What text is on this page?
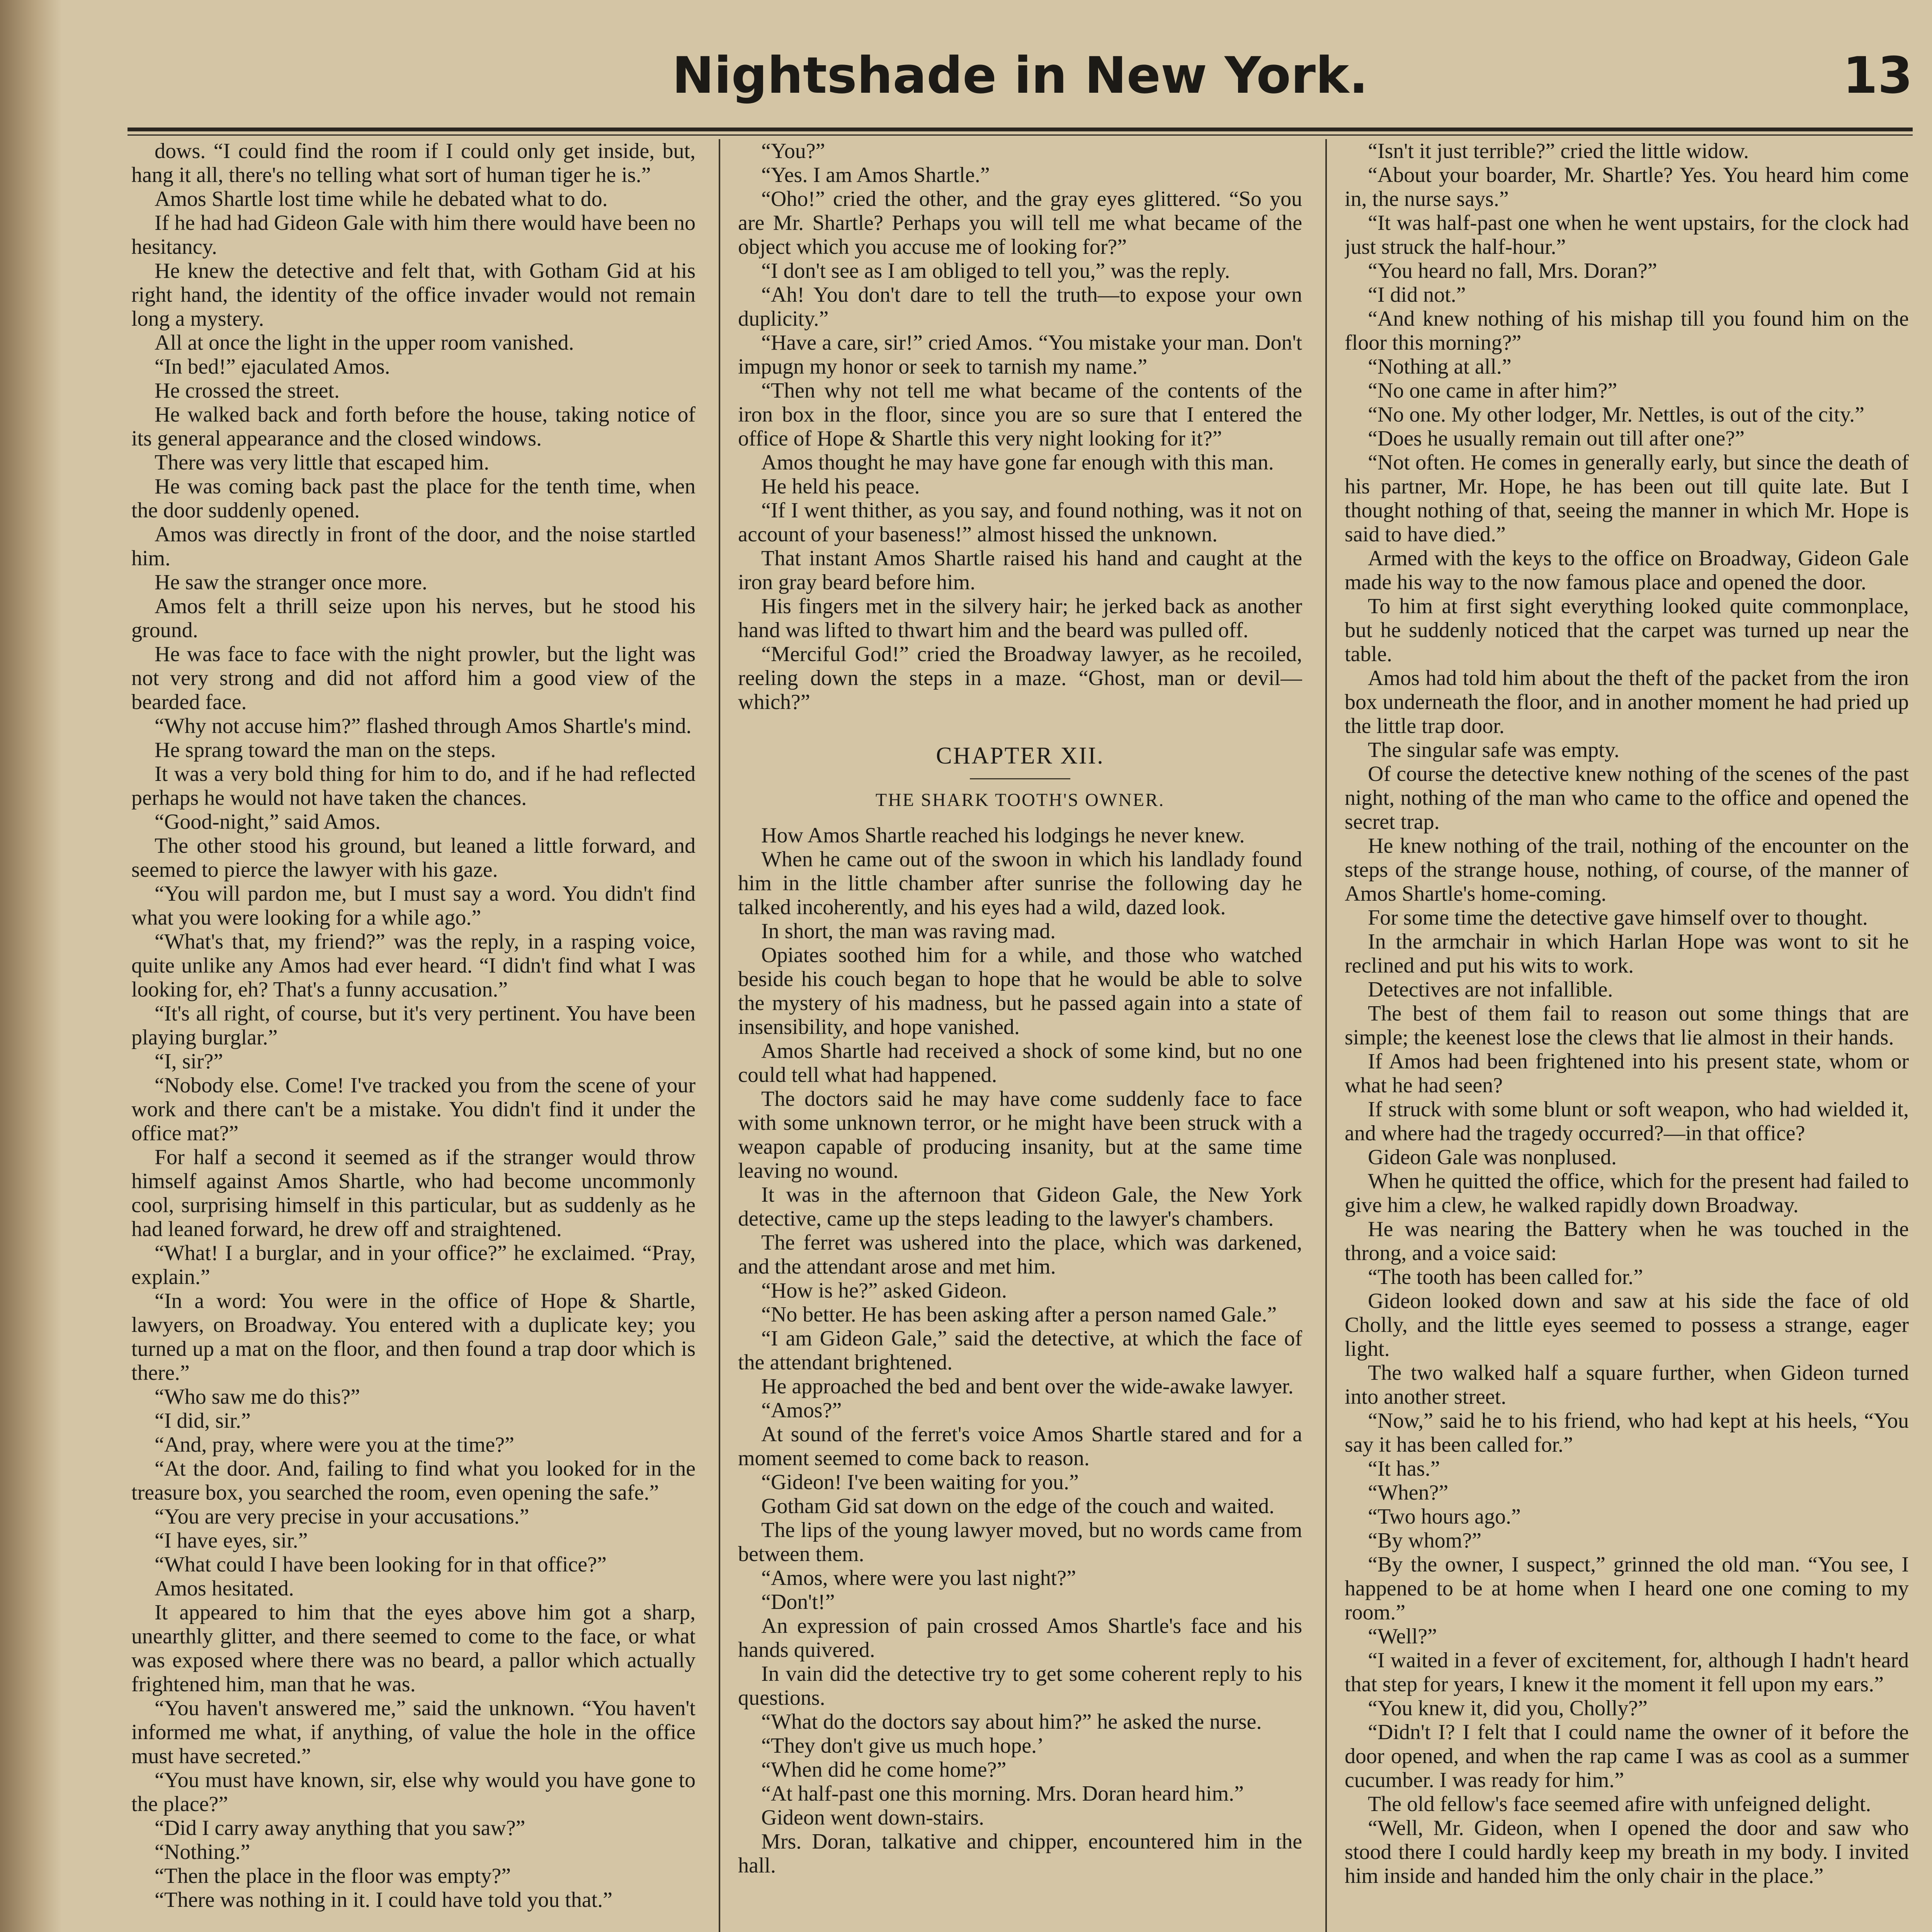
Nightshade in New York.	13

dows. “I could find the room if I could only get inside, but, hang it all, there's no telling what sort of human tiger he is.”

Amos Shartle lost time while he debated what to do.

If he had had Gideon Gale with him there would have been no hesitancy.

He knew the detective and felt that, with Gotham Gid at his right hand, the identity of the office invader would not remain long a mystery.

All at once the light in the upper room vanished.

“In bed!” ejaculated Amos.

He crossed the street.

He walked back and forth before the house, taking notice of its general appearance and the closed windows.

There was very little that escaped him.

He was coming back past the place for the tenth time, when the door suddenly opened.

Amos was directly in front of the door, and the noise startled him.

He saw the stranger once more.

Amos felt a thrill seize upon his nerves, but he stood his ground.

He was face to face with the night prowler, but the light was not very strong and did not afford him a good view of the bearded face.

“Why not accuse him?” flashed through Amos Shartle's mind.

He sprang toward the man on the steps.

It was a very bold thing for him to do, and if he had reflected perhaps he would not have taken the chances.

“Good-night,” said Amos.

The other stood his ground, but leaned a little forward, and seemed to pierce the lawyer with his gaze.

“You will pardon me, but I must say a word. You didn't find what you were looking for a while ago.”

“What's that, my friend?” was the reply, in a rasping voice, quite unlike any Amos had ever heard. “I didn't find what I was looking for, eh? That's a funny accusation.”

“It's all right, of course, but it's very pertinent. You have been playing burglar.”

“I, sir?”

“Nobody else. Come! I've tracked you from the scene of your work and there can't be a mistake. You didn't find it under the office mat?”

For half a second it seemed as if the stranger would throw himself against Amos Shartle, who had become uncommonly cool, surprising himself in this particular, but as suddenly as he had leaned forward, he drew off and straightened.

“What! I a burglar, and in your office?” he exclaimed. “Pray, explain.”

“In a word: You were in the office of Hope & Shartle, lawyers, on Broadway. You entered with a duplicate key; you turned up a mat on the floor, and then found a trap door which is there.”

“Who saw me do this?”

“I did, sir.”

“And, pray, where were you at the time?”

“At the door. And, failing to find what you looked for in the treasure box, you searched the room, even opening the safe.”

“You are very precise in your accusations.”

“I have eyes, sir.”

“What could I have been looking for in that office?”

Amos hesitated.

It appeared to him that the eyes above him got a sharp, unearthly glitter, and there seemed to come to the face, or what was exposed where there was no beard, a pallor which actually frightened him, man that he was.

“You haven't answered me,” said the unknown. “You haven't informed me what, if anything, of value the hole in the office must have secreted.”

“You must have known, sir, else why would you have gone to the place?”

“Did I carry away anything that you saw?”

“Nothing.”

“Then the place in the floor was empty?”

“There was nothing in it. I could have told you that.”

“You?”

“Yes. I am Amos Shartle.”

“Oho!” cried the other, and the gray eyes glittered. “So you are Mr. Shartle? Perhaps you will tell me what became of the object which you accuse me of looking for?”

“I don't see as I am obliged to tell you,” was the reply.

“Ah! You don't dare to tell the truth—to expose your own duplicity.”

“Have a care, sir!” cried Amos. “You mistake your man. Don't impugn my honor or seek to tarnish my name.”

“Then why not tell me what became of the contents of the iron box in the floor, since you are so sure that I entered the office of Hope & Shartle this very night looking for it?”

Amos thought he may have gone far enough with this man.

He held his peace.

“If I went thither, as you say, and found nothing, was it not on account of your baseness!” almost hissed the unknown.

That instant Amos Shartle raised his hand and caught at the iron gray beard before him.

His fingers met in the silvery hair; he jerked back as another hand was lifted to thwart him and the beard was pulled off.

“Merciful God!” cried the Broadway lawyer, as he recoiled, reeling down the steps in a maze. “Ghost, man or devil—which?”

CHAPTER XII.
THE SHARK TOOTH'S OWNER.

How Amos Shartle reached his lodgings he never knew.

When he came out of the swoon in which his landlady found him in the little chamber after sunrise the following day he talked incoherently, and his eyes had a wild, dazed look.

In short, the man was raving mad.

Opiates soothed him for a while, and those who watched beside his couch began to hope that he would be able to solve the mystery of his madness, but he passed again into a state of insensibility, and hope vanished.

Amos Shartle had received a shock of some kind, but no one could tell what had happened.

The doctors said he may have come suddenly face to face with some unknown terror, or he might have been struck with a weapon capable of producing insanity, but at the same time leaving no wound.

It was in the afternoon that Gideon Gale, the New York detective, came up the steps leading to the lawyer's chambers.

The ferret was ushered into the place, which was darkened, and the attendant arose and met him.

“How is he?” asked Gideon.

“No better. He has been asking after a person named Gale.”

“I am Gideon Gale,” said the detective, at which the face of the attendant brightened.

He approached the bed and bent over the wide-awake lawyer.

“Amos?”

At sound of the ferret's voice Amos Shartle stared and for a moment seemed to come back to reason.

“Gideon! I've been waiting for you.”

Gotham Gid sat down on the edge of the couch and waited.

The lips of the young lawyer moved, but no words came from between them.

“Amos, where were you last night?”

“Don't!”

An expression of pain crossed Amos Shartle's face and his hands quivered.

In vain did the detective try to get some coherent reply to his questions.

“What do the doctors say about him?” he asked the nurse.

“They don't give us much hope.’

“When did he come home?”

“At half-past one this morning. Mrs. Doran heard him.”

Gideon went down-stairs.

Mrs. Doran, talkative and chipper, encountered him in the hall.

“Isn't it just terrible?” cried the little widow.

“About your boarder, Mr. Shartle? Yes. You heard him come in, the nurse says.”

“It was half-past one when he went upstairs, for the clock had just struck the half-hour.”

“You heard no fall, Mrs. Doran?”

“I did not.”

“And knew nothing of his mishap till you found him on the floor this morning?”

“Nothing at all.”

“No one came in after him?”

“No one. My other lodger, Mr. Nettles, is out of the city.”

“Does he usually remain out till after one?”

“Not often. He comes in generally early, but since the death of his partner, Mr. Hope, he has been out till quite late. But I thought nothing of that, seeing the manner in which Mr. Hope is said to have died.”

Armed with the keys to the office on Broadway, Gideon Gale made his way to the now famous place and opened the door.

To him at first sight everything looked quite commonplace, but he suddenly noticed that the carpet was turned up near the table.

Amos had told him about the theft of the packet from the iron box underneath the floor, and in another moment he had pried up the little trap door.

The singular safe was empty.

Of course the detective knew nothing of the scenes of the past night, nothing of the man who came to the office and opened the secret trap.

He knew nothing of the trail, nothing of the encounter on the steps of the strange house, nothing, of course, of the manner of Amos Shartle's home-coming.

For some time the detective gave himself over to thought.

In the armchair in which Harlan Hope was wont to sit he reclined and put his wits to work.

Detectives are not infallible.

The best of them fail to reason out some things that are simple; the keenest lose the clews that lie almost in their hands.

If Amos had been frightened into his present state, whom or what he had seen?

If struck with some blunt or soft weapon, who had wielded it, and where had the tragedy occurred?—in that office?

Gideon Gale was nonplused.

When he quitted the office, which for the present had failed to give him a clew, he walked rapidly down Broadway.

He was nearing the Battery when he was touched in the throng, and a voice said:

“The tooth has been called for.”

Gideon looked down and saw at his side the face of old Cholly, and the little eyes seemed to possess a strange, eager light.

The two walked half a square further, when Gideon turned into another street.

“Now,” said he to his friend, who had kept at his heels, “You say it has been called for.”

“It has.”

“When?”

“Two hours ago.”

“By whom?”

“By the owner, I suspect,” grinned the old man. “You see, I happened to be at home when I heard one one coming to my room.”

“Well?”

“I waited in a fever of excitement, for, although I hadn't heard that step for years, I knew it the moment it fell upon my ears.”

“You knew it, did you, Cholly?”

“Didn't I? I felt that I could name the owner of it before the door opened, and when the rap came I was as cool as a summer cucumber. I was ready for him.”

The old fellow's face seemed afire with unfeigned delight.

“Well, Mr. Gideon, when I opened the door and saw who stood there I could hardly keep my breath in my body. I invited him inside and handed him the only chair in the place.”
